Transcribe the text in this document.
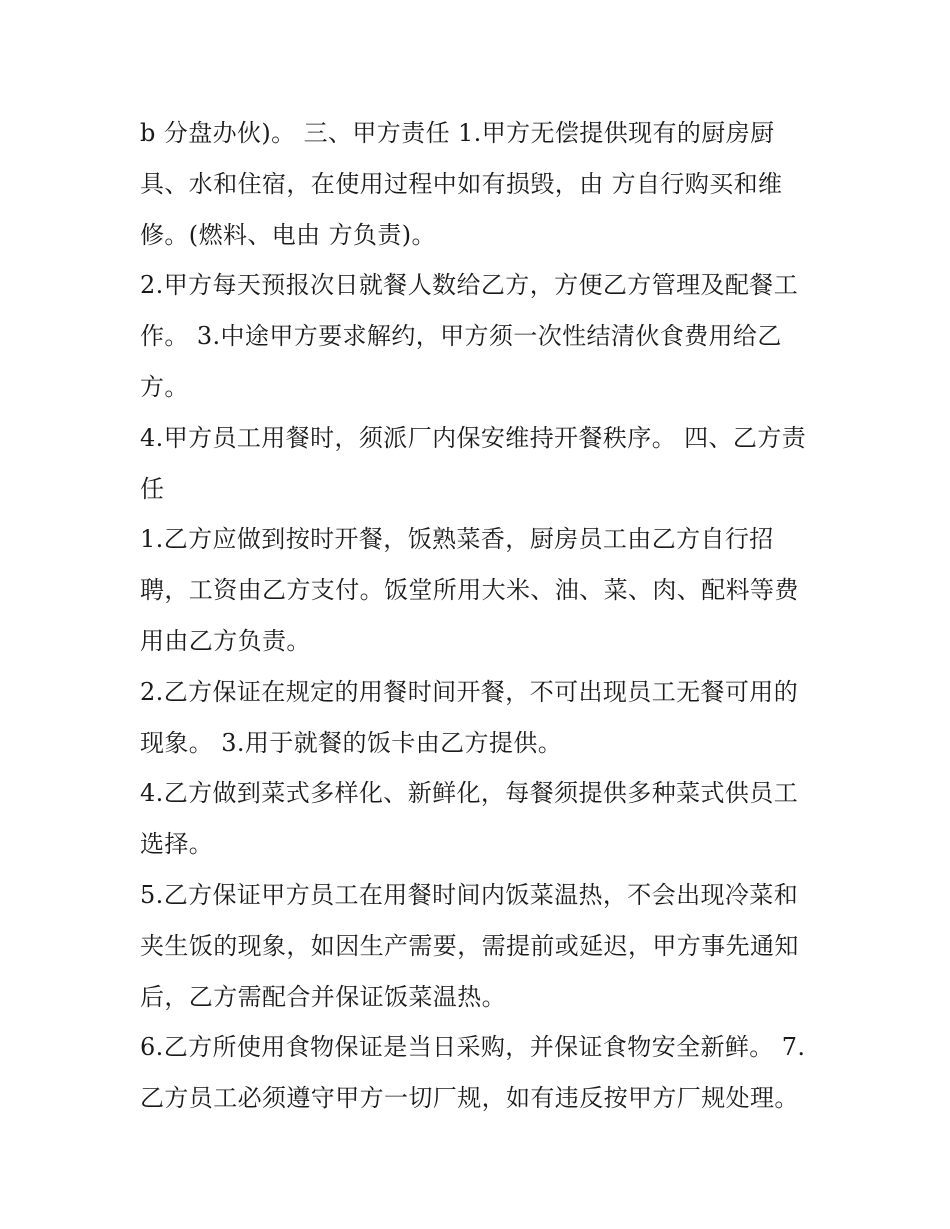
b 分盘办伙)。 三、甲方责任 1.甲方无偿提供现有的厨房厨
具、水和住宿，在使用过程中如有损毁，由 方自行购买和维
修。(燃料、电由 方负责)。
2.甲方每天预报次日就餐人数给乙方，方便乙方管理及配餐工
作。 3.中途甲方要求解约，甲方须一次性结清伙食费用给乙
方。
4.甲方员工用餐时，须派厂内保安维持开餐秩序。 四、乙方责
任
1.乙方应做到按时开餐，饭熟菜香，厨房员工由乙方自行招
聘，工资由乙方支付。饭堂所用大米、油、菜、肉、配料等费
用由乙方负责。
2.乙方保证在规定的用餐时间开餐，不可出现员工无餐可用的
现象。 3.用于就餐的饭卡由乙方提供。
4.乙方做到菜式多样化、新鲜化，每餐须提供多种菜式供员工
选择。
5.乙方保证甲方员工在用餐时间内饭菜温热，不会出现冷菜和
夹生饭的现象，如因生产需要，需提前或延迟，甲方事先通知
后，乙方需配合并保证饭菜温热。
6.乙方所使用食物保证是当日采购，并保证食物安全新鲜。 7.
乙方员工必须遵守甲方一切厂规，如有违反按甲方厂规处理。
